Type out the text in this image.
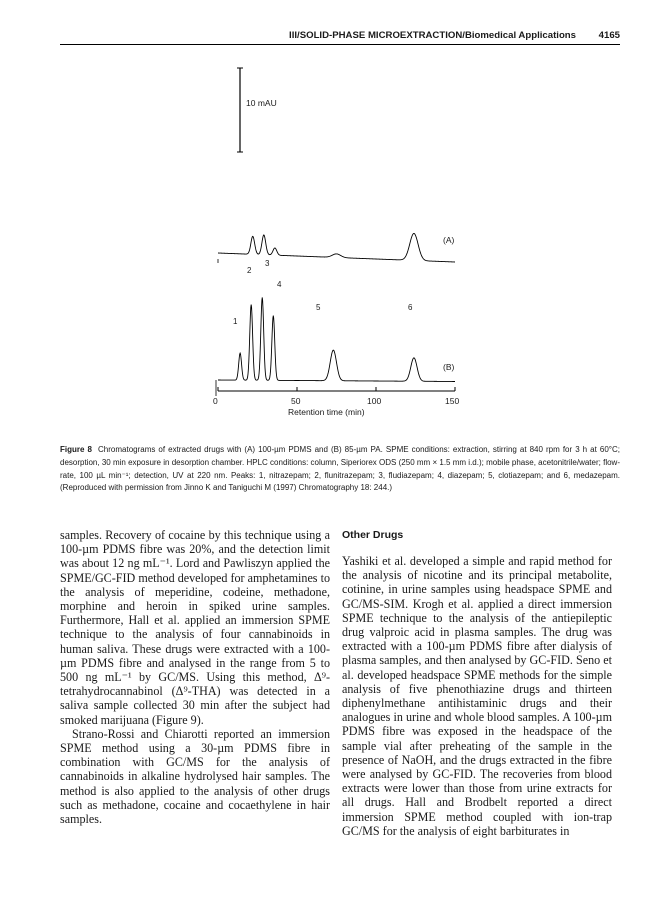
III/SOLID-PHASE MICROEXTRACTION/Biomedical Applications 4165
10 mAU
(A)
(B)
1
2
3
4
5	6
0	50	100	150
Retention time (min)
Figure 8 Chromatograms of extracted drugs with (A) 100-µm PDMS and (B) 85-µm PA. SPME conditions: extraction, stirring at 840 rpm for 3 h at 60°C; desorption, 30 min exposure in desorption chamber. HPLC conditions: column, Siperiorex ODS (250 mm × 1.5 mm i.d.); mobile phase, acetonitrile/water; flow-rate, 100 µL min⁻¹; detection, UV at 220 nm. Peaks: 1, nitrazepam; 2, flunitrazepam; 3, fludiazepam; 4, diazepam; 5, clotiazepam; and 6, medazepam. (Reproduced with permission from Jinno K and Taniguchi M (1997) Chromatography 18: 244.)

samples. Recovery of cocaine by this technique using a 100-µm PDMS fibre was 20%, and the detection limit was about 12 ng mL⁻¹. Lord and Pawliszyn applied the SPME/GC-FID method developed for amphetamines to the analysis of meperidine, codeine, methadone, morphine and heroin in spiked urine samples. Furthermore, Hall et al. applied an immersion SPME technique to the analysis of four cannabinoids in human saliva. These drugs were extracted with a 100-µm PDMS fibre and analysed in the range from 5 to 500 ng mL⁻¹ by GC/MS. Using this method, Δ⁹-tetrahydrocannabinol (Δ⁹-THA) was detected in a saliva sample collected 30 min after the subject had smoked marijuana (Figure 9).

Strano-Rossi and Chiarotti reported an immersion SPME method using a 30-µm PDMS fibre in combination with GC/MS for the analysis of cannabinoids in alkaline hydrolysed hair samples. The method is also applied to the analysis of other drugs such as methadone, cocaine and cocaethylene in hair samples.

Other Drugs

Yashiki et al. developed a simple and rapid method for the analysis of nicotine and its principal metabolite, cotinine, in urine samples using headspace SPME and GC/MS-SIM. Krogh et al. applied a direct immersion SPME technique to the analysis of the antiepileptic drug valproic acid in plasma samples. The drug was extracted with a 100-µm PDMS fibre after dialysis of plasma samples, and then analysed by GC-FID. Seno et al. developed headspace SPME methods for the simple analysis of five phenothiazine drugs and thirteen diphenylmethane antihistaminic drugs and their analogues in urine and whole blood samples. A 100-µm PDMS fibre was exposed in the headspace of the sample vial after preheating of the sample in the presence of NaOH, and the drugs extracted in the fibre were analysed by GC-FID. The recoveries from blood extracts were lower than those from urine extracts for all drugs. Hall and Brodbelt reported a direct immersion SPME method coupled with ion-trap GC/MS for the analysis of eight barbiturates in
